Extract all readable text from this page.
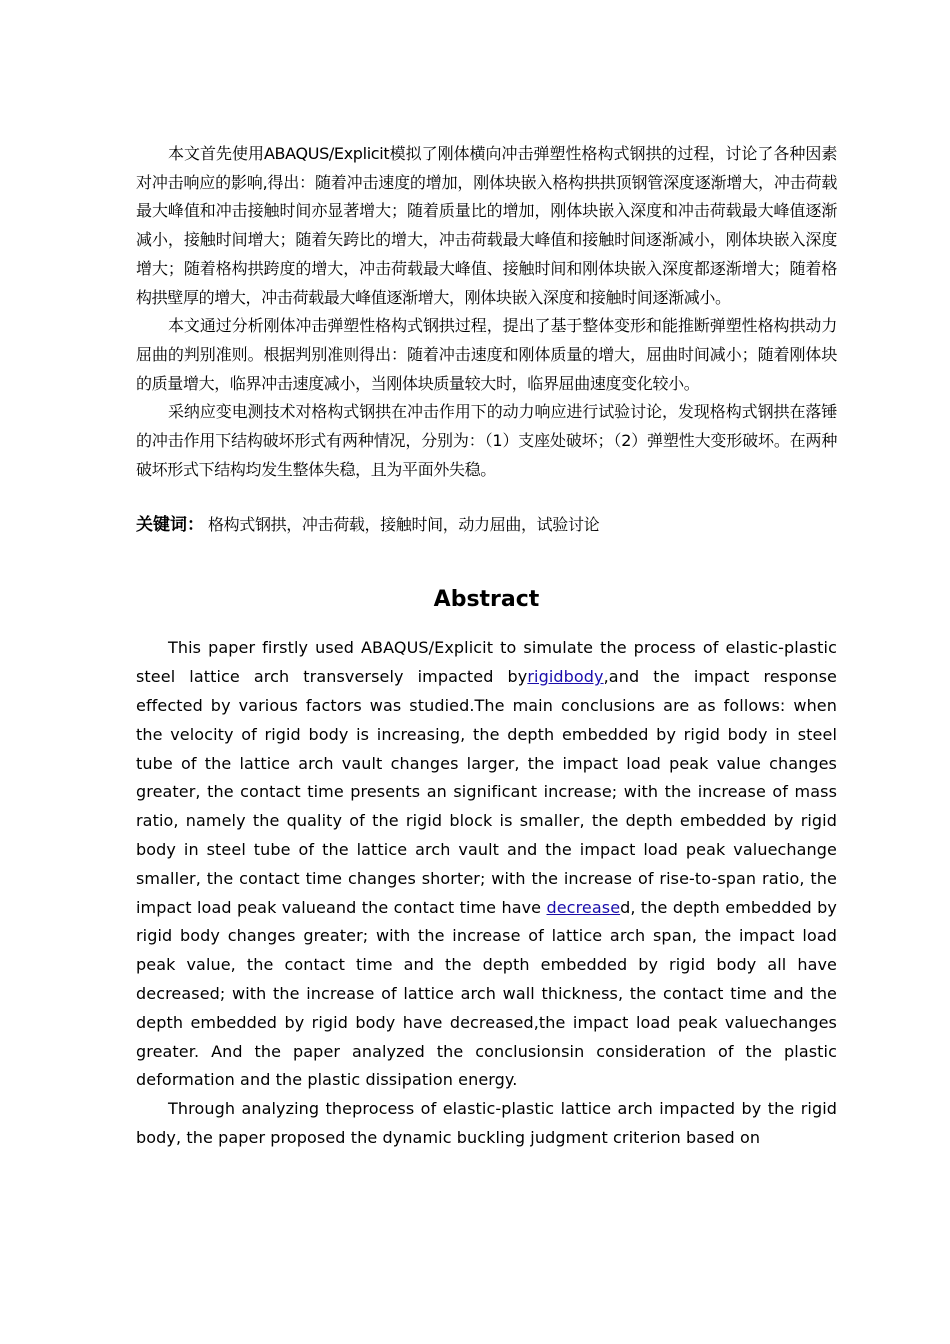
本文首先使用ABAQUS/Explicit模拟了刚体横向冲击弹塑性格构式钢拱的过程，讨论了各种因素对冲击响应的影响,得出：随着冲击速度的增加，刚体块嵌入格构拱拱顶钢管深度逐渐增大，冲击荷载最大峰值和冲击接触时间亦显著增大；随着质量比的增加，刚体块嵌入深度和冲击荷载最大峰值逐渐减小，接触时间增大；随着矢跨比的增大，冲击荷载最大峰值和接触时间逐渐减小，刚体块嵌入深度增大；随着格构拱跨度的增大，冲击荷载最大峰值、接触时间和刚体块嵌入深度都逐渐增大；随着格构拱壁厚的增大，冲击荷载最大峰值逐渐增大，刚体块嵌入深度和接触时间逐渐减小。

本文通过分析刚体冲击弹塑性格构式钢拱过程，提出了基于整体变形和能推断弹塑性格构拱动力屈曲的判别准则。根据判别准则得出：随着冲击速度和刚体质量的增大，屈曲时间减小；随着刚体块的质量增大，临界冲击速度减小，当刚体块质量较大时，临界屈曲速度变化较小。

采纳应变电测技术对格构式钢拱在冲击作用下的动力响应进行试验讨论，发现格构式钢拱在落锤的冲击作用下结构破坏形式有两种情况，分别为：（1）支座处破坏；（2）弹塑性大变形破坏。在两种破坏形式下结构均发生整体失稳，且为平面外失稳。

关键词： 格构式钢拱，冲击荷载，接触时间，动力屈曲，试验讨论

Abstract

This paper firstly used ABAQUS/Explicit to simulate the process of elastic-plastic steel lattice arch transversely impacted byrigidbody,and the impact response effected by various factors was studied.The main conclusions are as follows: when the velocity of rigid body is increasing, the depth embedded by rigid body in steel tube of the lattice arch vault changes larger, the impact load peak value changes greater, the contact time presents an significant increase; with the increase of mass ratio, namely the quality of the rigid block is smaller, the depth embedded by rigid body in steel tube of the lattice arch vault and the impact load peak valuechange smaller, the contact time changes shorter; with the increase of rise-to-span ratio, the impact load peak valueand the contact time have decreased, the depth embedded by rigid body changes greater; with the increase of lattice arch span, the impact load peak value, the contact time and the depth embedded by rigid body all have decreased; with the increase of lattice arch wall thickness, the contact time and the depth embedded by rigid body have decreased,the impact load peak valuechanges greater. And the paper analyzed the conclusionsin consideration of the plastic deformation and the plastic dissipation energy.

Through analyzing theprocess of elastic-plastic lattice arch impacted by the rigid body, the paper proposed the dynamic buckling judgment criterion based on
